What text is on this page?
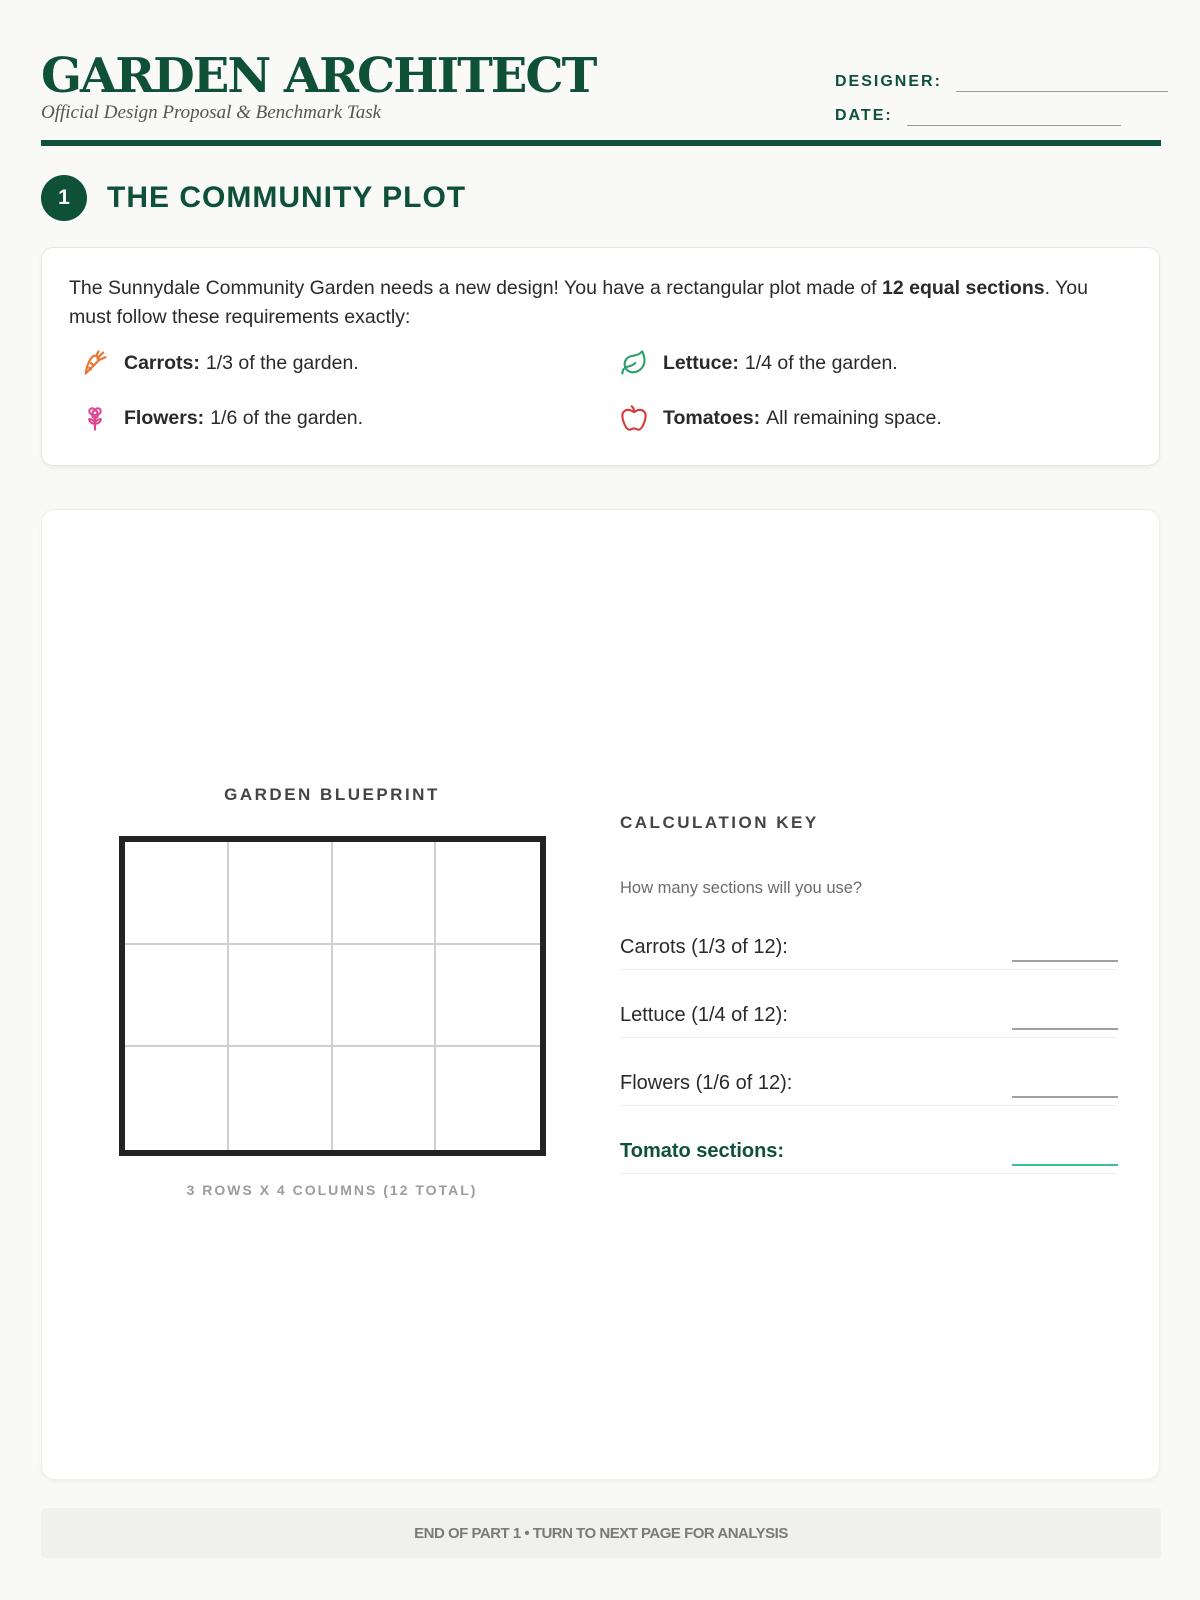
GARDEN ARCHITECT
Official Design Proposal & Benchmark Task
DESIGNER:
DATE:
1	THE COMMUNITY PLOT

The Sunnydale Community Garden needs a new design! You have a rectangular plot made of 12 equal sections. You must follow these requirements exactly:

Carrots: 1/3 of the garden.	Lettuce: 1/4 of the garden.
Flowers: 1/6 of the garden.	Tomatoes: All remaining space.
GARDEN BLUEPRINT
3 ROWS X 4 COLUMNS (12 TOTAL)
CALCULATION KEY
How many sections will you use?
Carrots (1/3 of 12):
Lettuce (1/4 of 12):
Flowers (1/6 of 12):
Tomato sections:
END OF PART 1 • TURN TO NEXT PAGE FOR ANALYSIS
